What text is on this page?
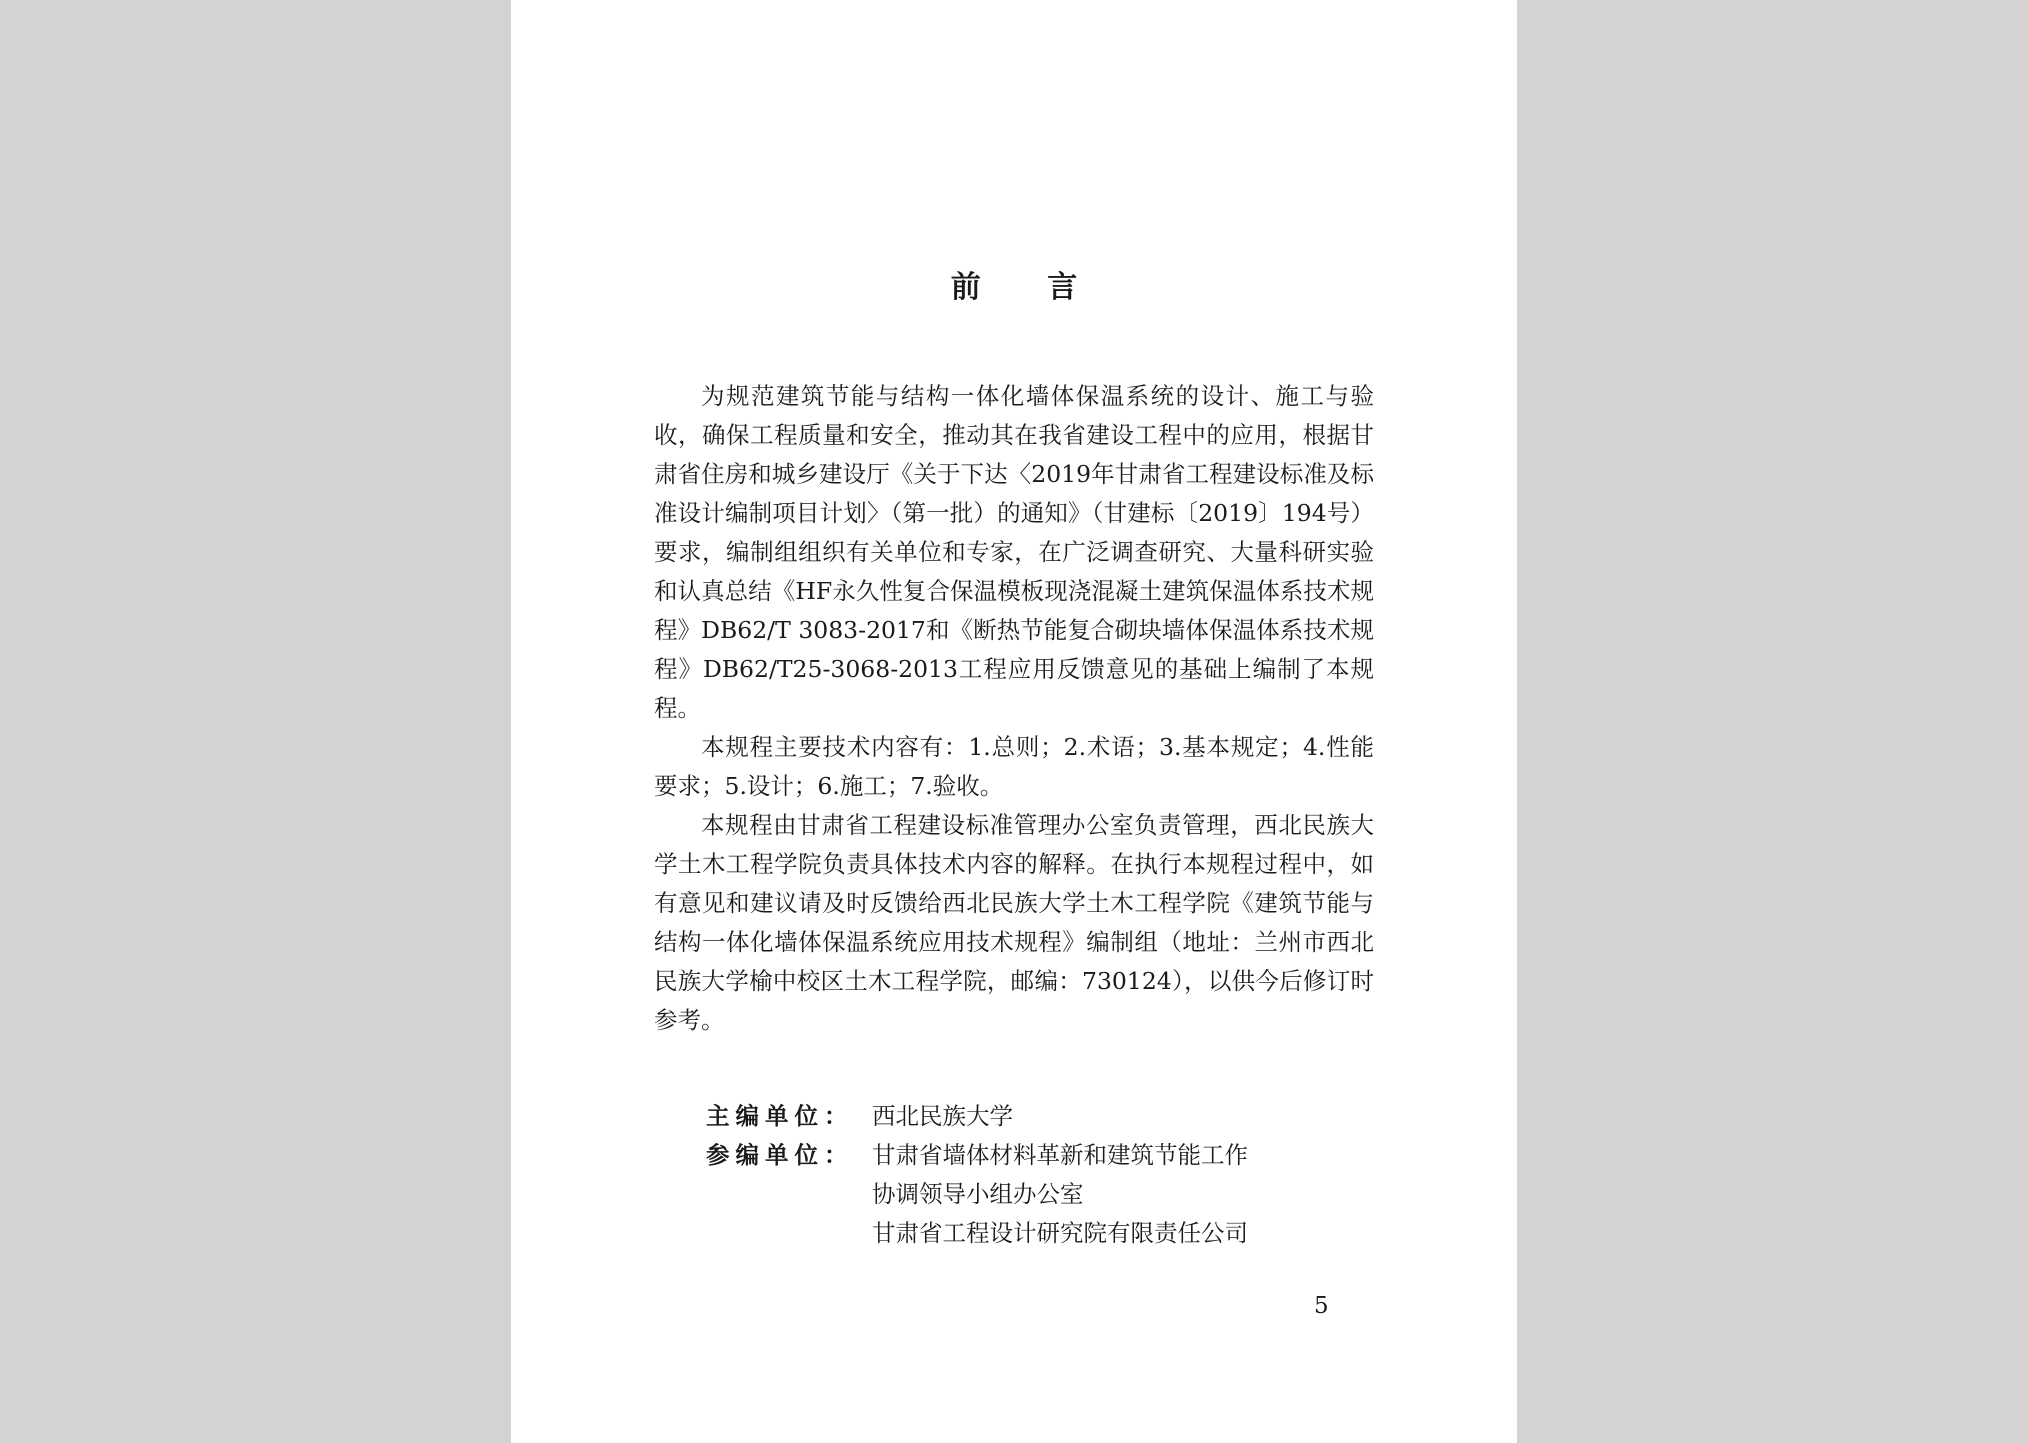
前 言

为规范建筑节能与结构一体化墙体保温系统的设计、施工与验收，确保工程质量和安全，推动其在我省建设工程中的应用，根据甘肃省住房和城乡建设厅《关于下达〈2019年甘肃省工程建设标准及标准设计编制项目计划〉（第一批）的通知》（甘建标〔2019〕194号）要求，编制组组织有关单位和专家，在广泛调查研究、大量科研实验和认真总结《HF永久性复合保温模板现浇混凝土建筑保温体系技术规程》DB62/T 3083-2017和《断热节能复合砌块墙体保温体系技术规程》DB62/T25-3068-2013工程应用反馈意见的基础上编制了本规程。

本规程主要技术内容有：1.总则；2.术语；3.基本规定；4.性能要求；5.设计；6.施工；7.验收。

本规程由甘肃省工程建设标准管理办公室负责管理，西北民族大学土木工程学院负责具体技术内容的解释。在执行本规程过程中，如有意见和建议请及时反馈给西北民族大学土木工程学院《建筑节能与结构一体化墙体保温系统应用技术规程》编制组（地址：兰州市西北民族大学榆中校区土木工程学院，邮编：730124），以供今后修订时参考。

主编单位： 西北民族大学
参编单位： 甘肃省墙体材料革新和建筑节能工作
协调领导小组办公室
甘肃省工程设计研究院有限责任公司
5
